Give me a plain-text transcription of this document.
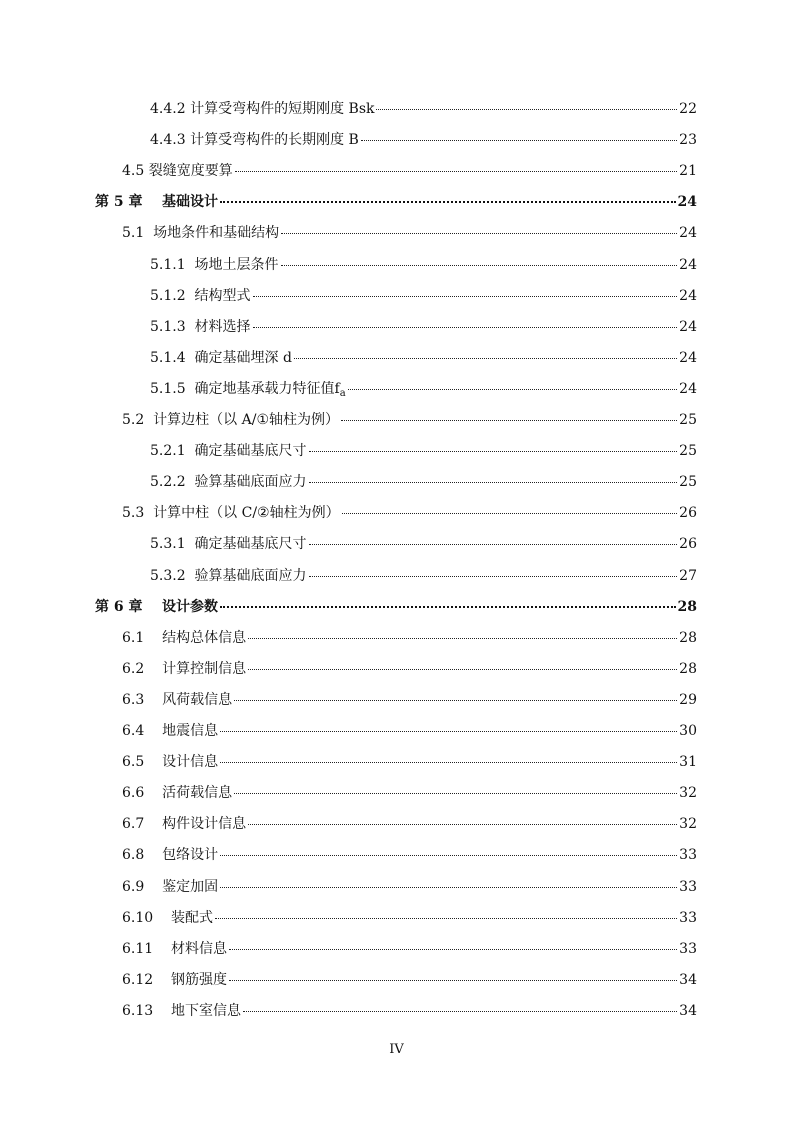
4.4.2 计算受弯构件的短期刚度 Bsk	22
4.4.3 计算受弯构件的长期刚度 B	23
4.5 裂缝宽度要算	21
第 5 章 基础设计	24
5.1 场地条件和基础结构	24
5.1.1 场地土层条件	24
5.1.2 结构型式	24
5.1.3 材料选择	24
5.1.4 确定基础埋深 d	24
5.1.5 确定地基承载力特征值$f_a$	24
5.2 计算边柱（以 A/①轴柱为例）	25
5.2.1 确定基础基底尺寸	25
5.2.2 验算基础底面应力	25
5.3 计算中柱（以 C/②轴柱为例）	26
5.3.1 确定基础基底尺寸	26
5.3.2 验算基础底面应力	27
第 6 章 设计参数	28
6.1 结构总体信息	28
6.2 计算控制信息	28
6.3 风荷载信息	29
6.4 地震信息	30
6.5 设计信息	31
6.6 活荷载信息	32
6.7 构件设计信息	32
6.8 包络设计	33
6.9 鉴定加固	33
6.10 装配式	33
6.11 材料信息	33
6.12 钢筋强度	34
6.13 地下室信息	34
IV
